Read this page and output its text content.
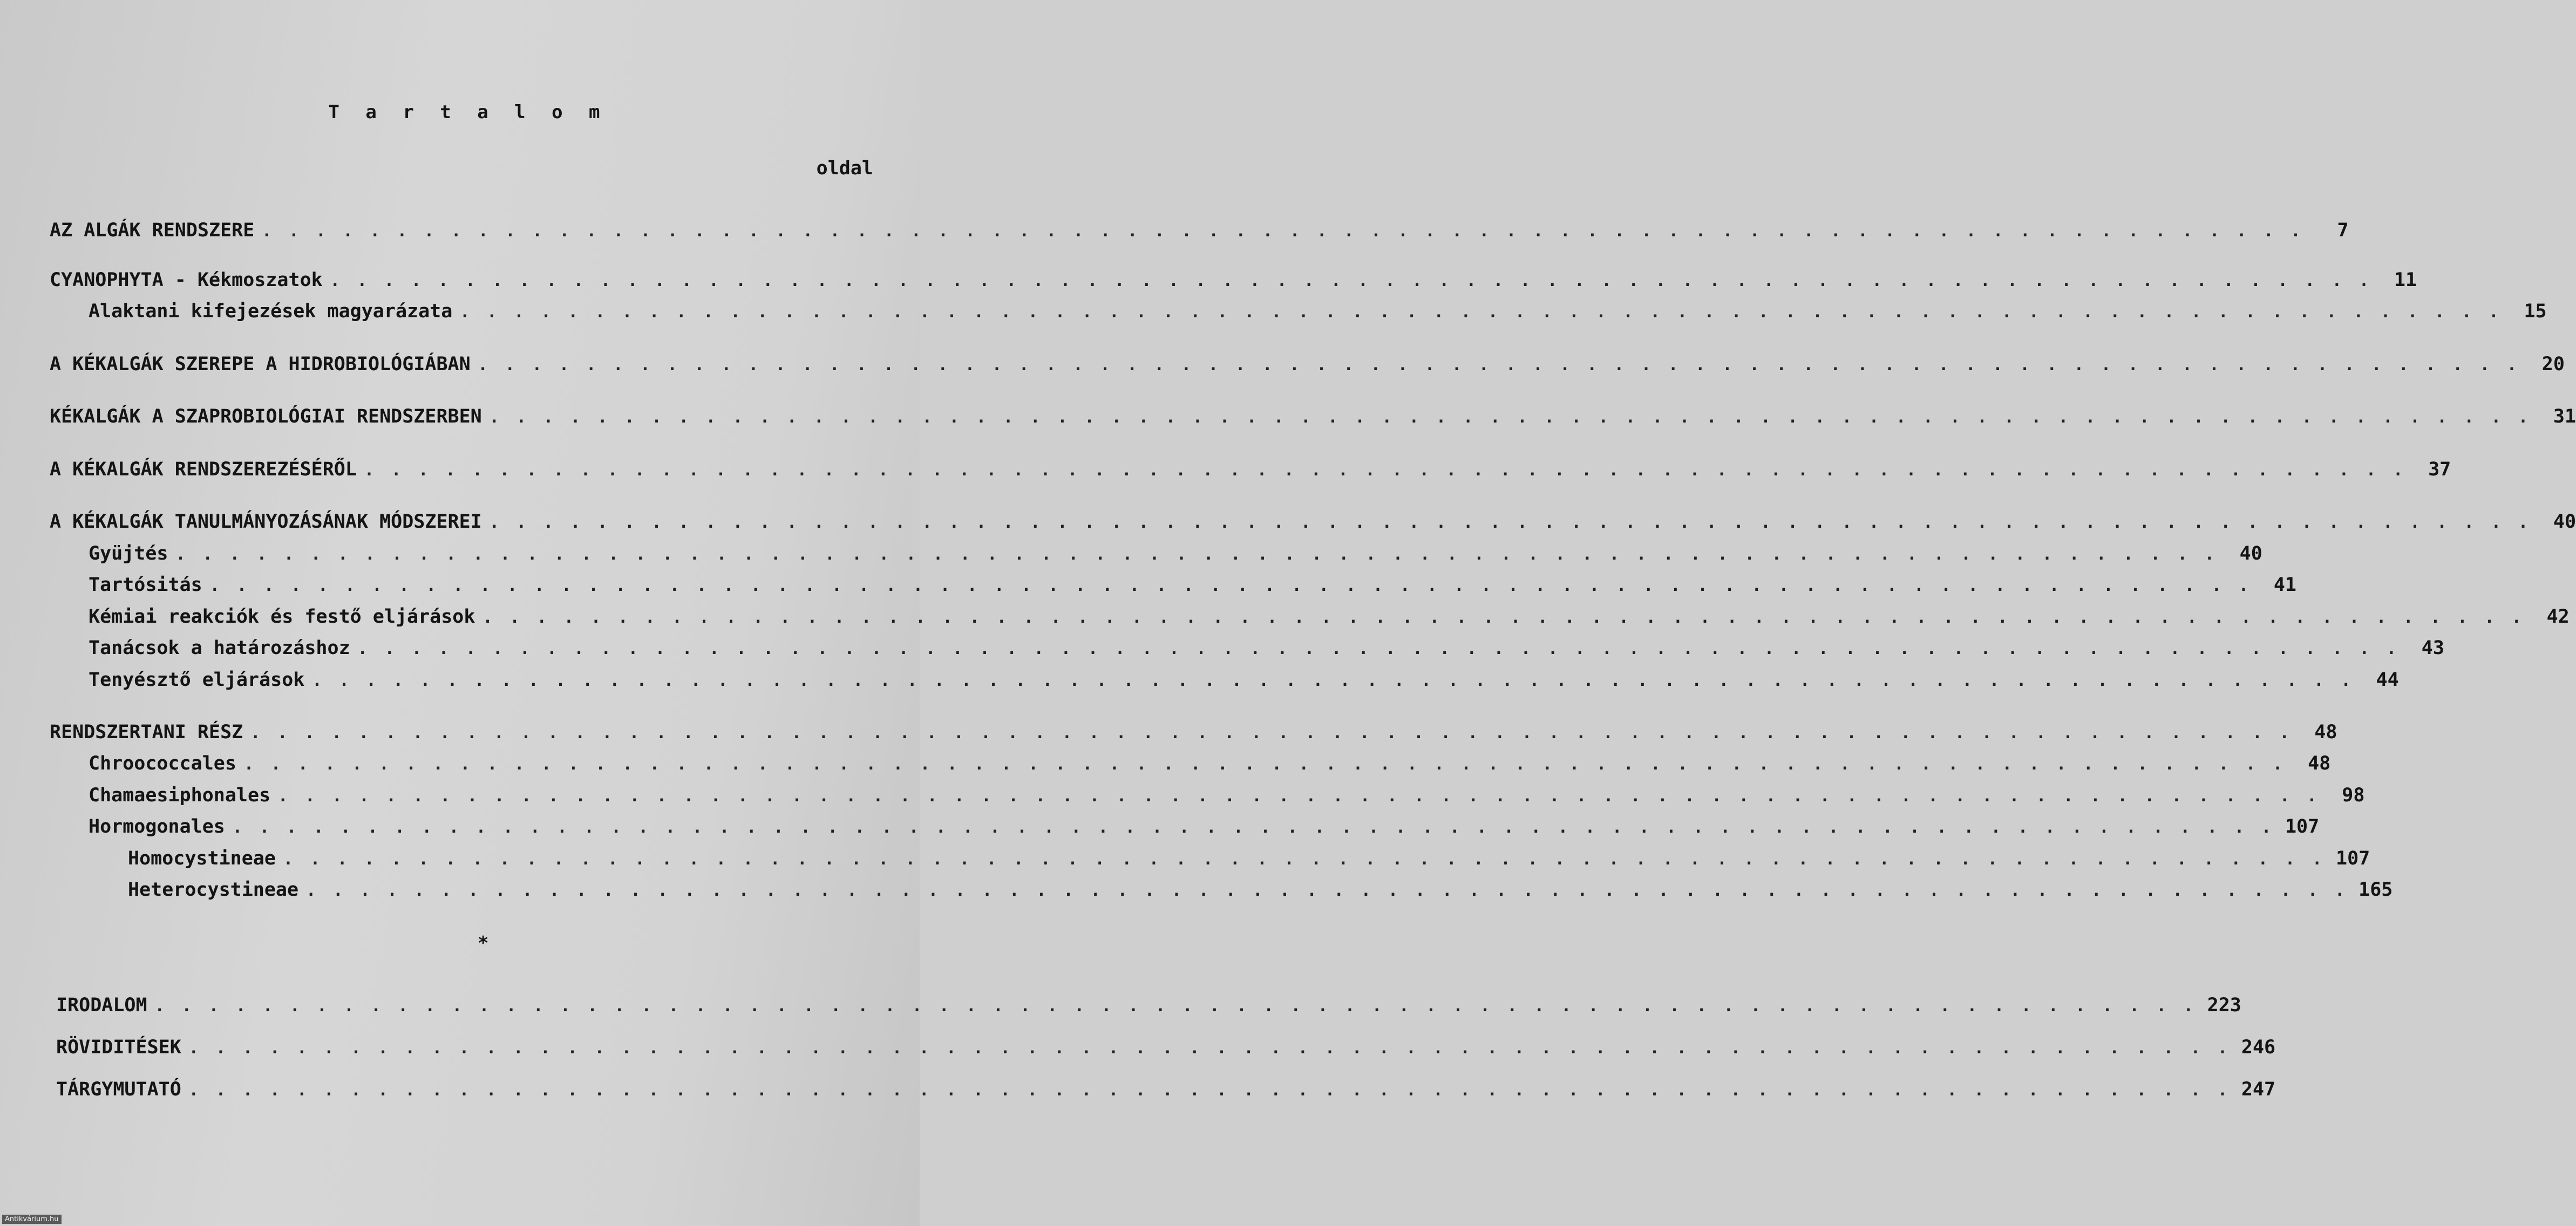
T a r t a l o m
oldal
AZ ALGÁK RENDSZERE . . . . . . . . . . . . . . . . . . . . . . . . . . . . . . . . . . . . . . . . . . . . . . . . . . . . . . . . . . . . . . . . . . . . . . . . . . . .	7
CYANOPHYTA - Kékmoszatok . . . . . . . . . . . . . . . . . . . . . . . . . . . . . . . . . . . . . . . . . . . . . . . . . . . . . . . . . . . . . . . . . . . . . . . . . . . .	11
Alaktani kifejezések magyarázata . . . . . . . . . . . . . . . . . . . . . . . . . . . . . . . . . . . . . . . . . . . . . . . . . . . . . . . . . . . . . . . . . . . . . . . . . . . .	15
A KÉKALGÁK SZEREPE A HIDROBIOLÓGIÁBAN . . . . . . . . . . . . . . . . . . . . . . . . . . . . . . . . . . . . . . . . . . . . . . . . . . . . . . . . . . . . . . . . . . . . . . . . . . . .	20
KÉKALGÁK A SZAPROBIOLÓGIAI RENDSZERBEN . . . . . . . . . . . . . . . . . . . . . . . . . . . . . . . . . . . . . . . . . . . . . . . . . . . . . . . . . . . . . . . . . . . . . . . . . . . .	31
A KÉKALGÁK RENDSZEREZÉSÉRŐL . . . . . . . . . . . . . . . . . . . . . . . . . . . . . . . . . . . . . . . . . . . . . . . . . . . . . . . . . . . . . . . . . . . . . . . . . . . .	37
A KÉKALGÁK TANULMÁNYOZÁSÁNAK MÓDSZEREI . . . . . . . . . . . . . . . . . . . . . . . . . . . . . . . . . . . . . . . . . . . . . . . . . . . . . . . . . . . . . . . . . . . . . . . . . . . .	40
Gyüjtés . . . . . . . . . . . . . . . . . . . . . . . . . . . . . . . . . . . . . . . . . . . . . . . . . . . . . . . . . . . . . . . . . . . . . . . . . . . .	40
Tartósitás . . . . . . . . . . . . . . . . . . . . . . . . . . . . . . . . . . . . . . . . . . . . . . . . . . . . . . . . . . . . . . . . . . . . . . . . . . . .	41
Kémiai reakciók és festő eljárások . . . . . . . . . . . . . . . . . . . . . . . . . . . . . . . . . . . . . . . . . . . . . . . . . . . . . . . . . . . . . . . . . . . . . . . . . . . .	42
Tanácsok a határozáshoz . . . . . . . . . . . . . . . . . . . . . . . . . . . . . . . . . . . . . . . . . . . . . . . . . . . . . . . . . . . . . . . . . . . . . . . . . . . .	43
Tenyésztő eljárások . . . . . . . . . . . . . . . . . . . . . . . . . . . . . . . . . . . . . . . . . . . . . . . . . . . . . . . . . . . . . . . . . . . . . . . . . . . .	44
RENDSZERTANI RÉSZ . . . . . . . . . . . . . . . . . . . . . . . . . . . . . . . . . . . . . . . . . . . . . . . . . . . . . . . . . . . . . . . . . . . . . . . . . . . .	48
Chroococcales . . . . . . . . . . . . . . . . . . . . . . . . . . . . . . . . . . . . . . . . . . . . . . . . . . . . . . . . . . . . . . . . . . . . . . . . . . . .	48
Chamaesiphonales . . . . . . . . . . . . . . . . . . . . . . . . . . . . . . . . . . . . . . . . . . . . . . . . . . . . . . . . . . . . . . . . . . . . . . . . . . . .	98
Hormogonales . . . . . . . . . . . . . . . . . . . . . . . . . . . . . . . . . . . . . . . . . . . . . . . . . . . . . . . . . . . . . . . . . . . . . . . . . . . . 107
Homocystineae . . . . . . . . . . . . . . . . . . . . . . . . . . . . . . . . . . . . . . . . . . . . . . . . . . . . . . . . . . . . . . . . . . . . . . . . . . . . 107
Heterocystineae . . . . . . . . . . . . . . . . . . . . . . . . . . . . . . . . . . . . . . . . . . . . . . . . . . . . . . . . . . . . . . . . . . . . . . . . . . . . 165
*
IRODALOM . . . . . . . . . . . . . . . . . . . . . . . . . . . . . . . . . . . . . . . . . . . . . . . . . . . . . . . . . . . . . . . . . . . . . . . . . . . . 223
RÖVIDITÉSEK . . . . . . . . . . . . . . . . . . . . . . . . . . . . . . . . . . . . . . . . . . . . . . . . . . . . . . . . . . . . . . . . . . . . . . . . . . . . 246
TÁRGYMUTATÓ . . . . . . . . . . . . . . . . . . . . . . . . . . . . . . . . . . . . . . . . . . . . . . . . . . . . . . . . . . . . . . . . . . . . . . . . . . . . 247
Antikvárium.hu
